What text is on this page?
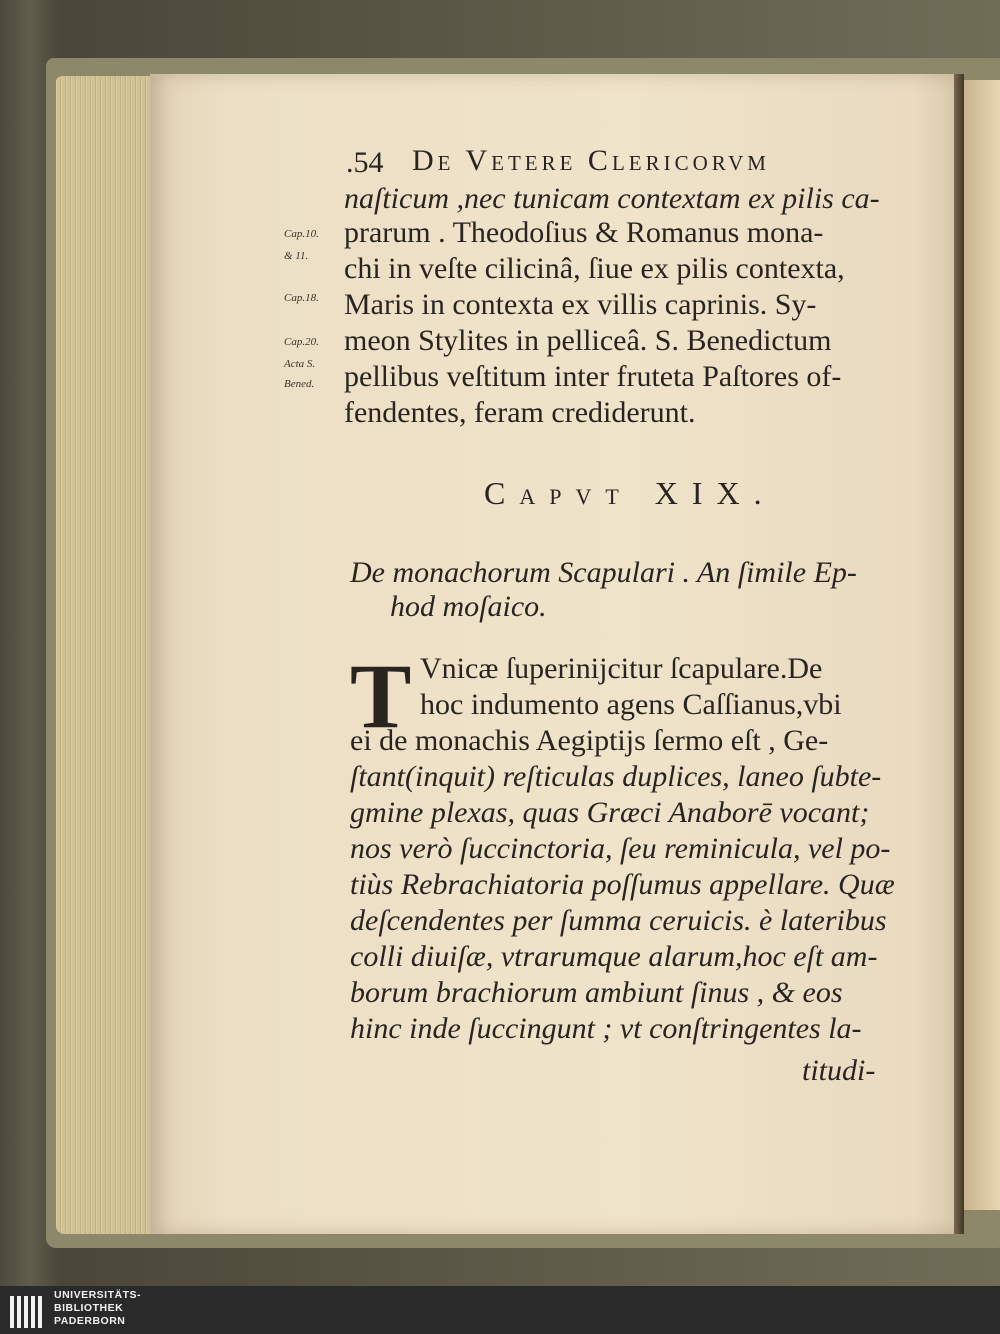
.54 De Vetere Clericorvm
naſticum ,nec tunicam contextam ex pilis ca-
prarum . Theodoſius & Romanus mona-
chi in veſte cilicinâ, ſiue ex pilis contexta,
Maris in contexta ex villis caprinis. Sy-
meon Stylites in pelliceâ. S. Benedictum
pellibus veſtitum inter fruteta Paſtores of-
fendentes, feram crediderunt.
Cap.10.
& 11.
Cap.18.
Cap.20.
Acta S.
Bened.
Capvt XIX.
De monachorum Scapulari . An ſimile Ep-
hod moſaico.
T Vnicæ ſuperinijcitur ſcapulare.De
hoc indumento agens Caſſianus,vbi
ei de monachis Aegiptijs ſermo eſt , Ge-
ſtant(inquit) reſticulas duplices, laneo ſubte-
gmine plexas, quas Græci Anaborē vocant;
nos verò ſuccinctoria, ſeu reminicula, vel po-
tiùs Rebrachiatoria poſſumus appellare. Quæ
deſcendentes per ſumma ceruicis. è lateribus
colli diuiſæ, vtrarumque alarum,hoc eſt am-
borum brachiorum ambiunt ſinus , & eos
hinc inde ſuccingunt ; vt conſtringentes la-
titudi-
UNIVERSITÄTS-
BIBLIOTHEK
PADERBORN
